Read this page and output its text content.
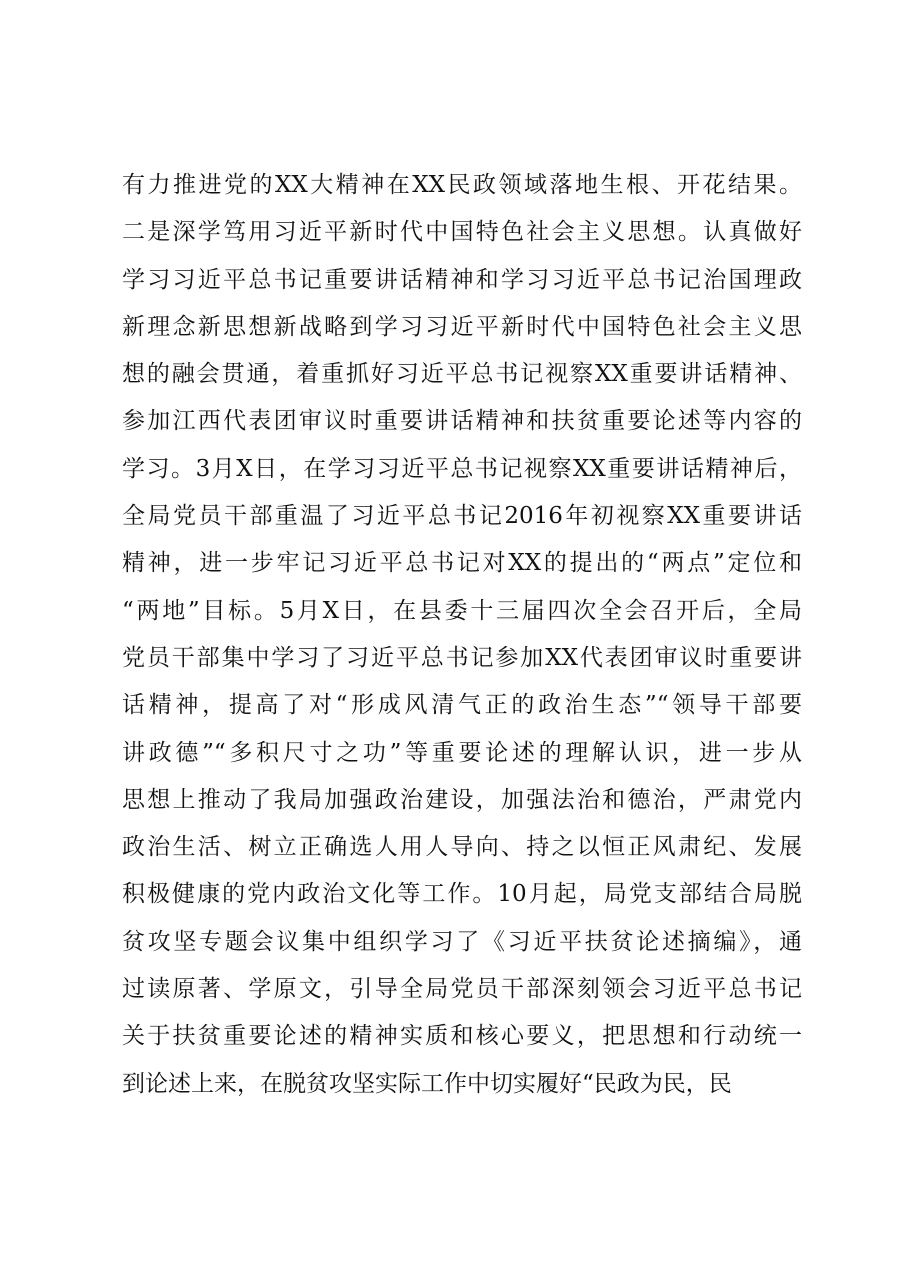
有力推进党的XX大精神在XX民政领域落地生根、开花结果。
二是深学笃用习近平新时代中国特色社会主义思想。认真做好
学习习近平总书记重要讲话精神和学习习近平总书记治国理政
新理念新思想新战略到学习习近平新时代中国特色社会主义思
想的融会贯通，着重抓好习近平总书记视察XX重要讲话精神、
参加江西代表团审议时重要讲话精神和扶贫重要论述等内容的
学习。3月X日，在学习习近平总书记视察XX重要讲话精神后，
全局党员干部重温了习近平总书记2016年初视察XX重要讲话
精神，进一步牢记习近平总书记对XX的提出的“两点”定位和
“两地”目标。5月X日，在县委十三届四次全会召开后，全局
党员干部集中学习了习近平总书记参加XX代表团审议时重要讲
话精神，提高了对“形成风清气正的政治生态”“领导干部要
讲政德”“多积尺寸之功”等重要论述的理解认识，进一步从
思想上推动了我局加强政治建设，加强法治和德治，严肃党内
政治生活、树立正确选人用人导向、持之以恒正风肃纪、发展
积极健康的党内政治文化等工作。10月起，局党支部结合局脱
贫攻坚专题会议集中组织学习了《习近平扶贫论述摘编》，通
过读原著、学原文，引导全局党员干部深刻领会习近平总书记
关于扶贫重要论述的精神实质和核心要义，把思想和行动统一
到论述上来，在脱贫攻坚实际工作中切实履好“民政为民，民
